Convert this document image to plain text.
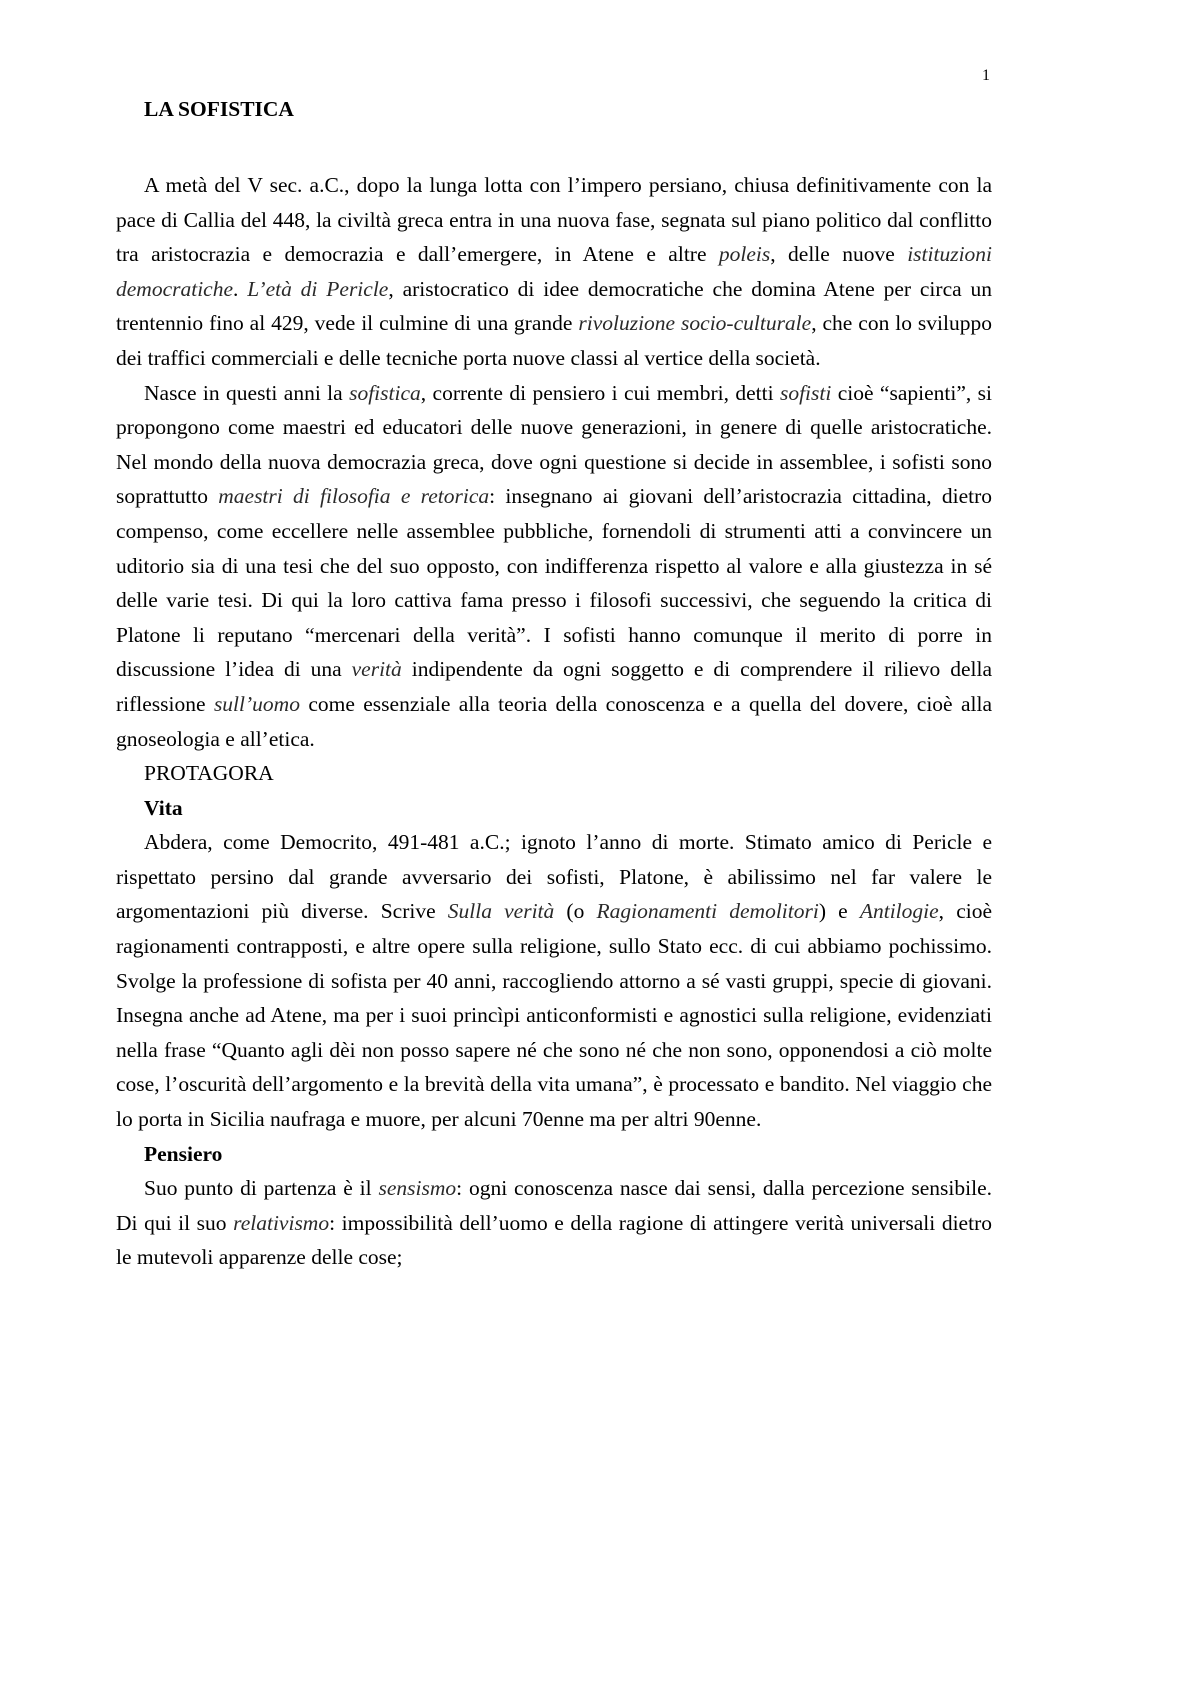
1
LA SOFISTICA

A metà del V sec. a.C., dopo la lunga lotta con l’impero persiano, chiusa definitivamente con la pace di Callia del 448, la civiltà greca entra in una nuova fase, segnata sul piano politico dal conflitto tra aristocrazia e democrazia e dall’emergere, in Atene e altre poleis, delle nuove istituzioni democratiche. L’età di Pericle, aristocratico di idee democratiche che domina Atene per circa un trentennio fino al 429, vede il culmine di una grande rivoluzione socio-culturale, che con lo sviluppo dei traffici commerciali e delle tecniche porta nuove classi al vertice della società.

Nasce in questi anni la sofistica, corrente di pensiero i cui membri, detti sofisti cioè “sapienti”, si propongono come maestri ed educatori delle nuove generazioni, in genere di quelle aristocratiche. Nel mondo della nuova democrazia greca, dove ogni questione si decide in assemblee, i sofisti sono soprattutto maestri di filosofia e retorica: insegnano ai giovani dell’aristocrazia cittadina, dietro compenso, come eccellere nelle assemblee pubbliche, fornendoli di strumenti atti a convincere un uditorio sia di una tesi che del suo opposto, con indifferenza rispetto al valore e alla giustezza in sé delle varie tesi. Di qui la loro cattiva fama presso i filosofi successivi, che seguendo la critica di Platone li reputano “mercenari della verità”. I sofisti hanno comunque il merito di porre in discussione l’idea di una verità indipendente da ogni soggetto e di comprendere il rilievo della riflessione sull’uomo come essenziale alla teoria della conoscenza e a quella del dovere, cioè alla gnoseologia e all’etica.

PROTAGORA
Vita

Abdera, come Democrito, 491-481 a.C.; ignoto l’anno di morte. Stimato amico di Pericle e rispettato persino dal grande avversario dei sofisti, Platone, è abilissimo nel far valere le argomentazioni più diverse. Scrive Sulla verità (o Ragionamenti demolitori) e Antilogie, cioè ragionamenti contrapposti, e altre opere sulla religione, sullo Stato ecc. di cui abbiamo pochissimo. Svolge la professione di sofista per 40 anni, raccogliendo attorno a sé vasti gruppi, specie di giovani. Insegna anche ad Atene, ma per i suoi princìpi anticonformisti e agnostici sulla religione, evidenziati nella frase “Quanto agli dèi non posso sapere né che sono né che non sono, opponendosi a ciò molte cose, l’oscurità dell’argomento e la brevità della vita umana”, è processato e bandito. Nel viaggio che lo porta in Sicilia naufraga e muore, per alcuni 70enne ma per altri 90enne.

Pensiero

Suo punto di partenza è il sensismo: ogni conoscenza nasce dai sensi, dalla percezione sensibile. Di qui il suo relativismo: impossibilità dell’uomo e della ragione di attingere verità universali dietro le mutevoli apparenze delle cose;
